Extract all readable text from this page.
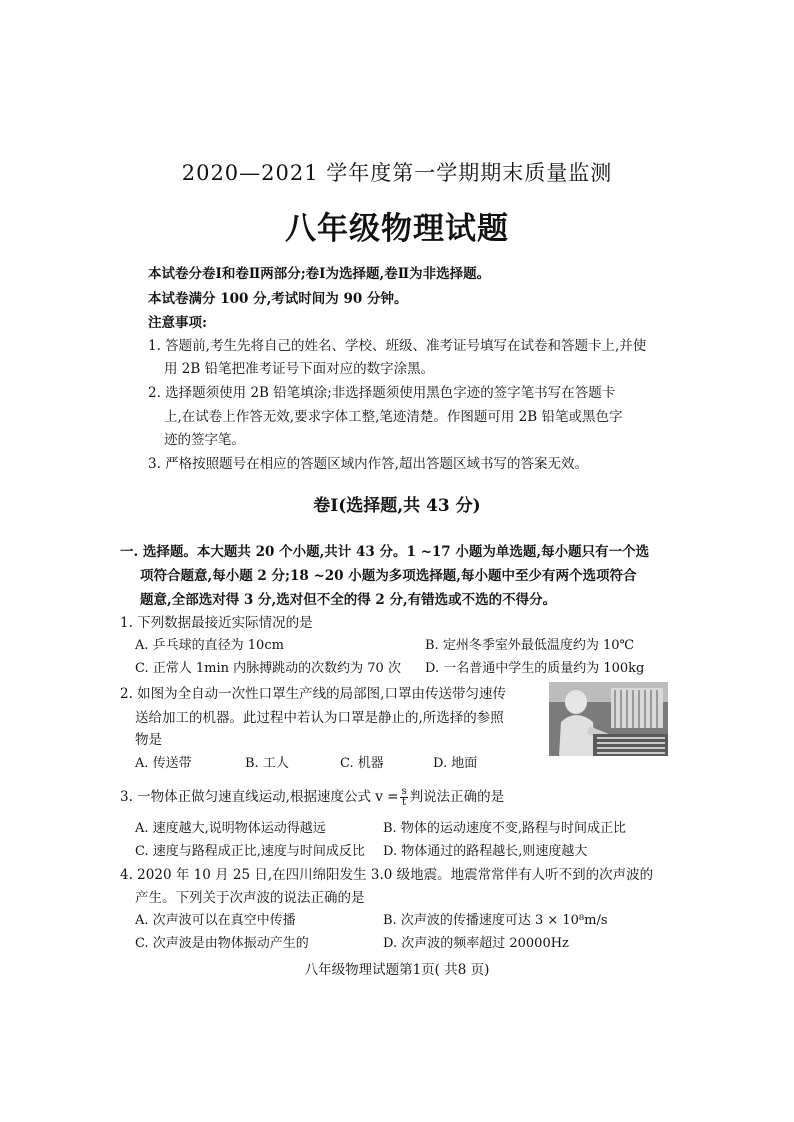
2020—2021 学年度第一学期期末质量监测
八年级物理试题
本试卷分卷Ⅰ和卷Ⅱ两部分;卷Ⅰ为选择题,卷Ⅱ为非选择题。
本试卷满分 100 分,考试时间为 90 分钟。
注意事项:
1. 答题前,考生先将自己的姓名、学校、班级、准考证号填写在试卷和答题卡上,并使
用 2B 铅笔把准考证号下面对应的数字涂黑。
2. 选择题须使用 2B 铅笔填涂;非选择题须使用黑色字迹的签字笔书写在答题卡
上,在试卷上作答无效,要求字体工整,笔迹清楚。作图题可用 2B 铅笔或黑色字
迹的签字笔。
3. 严格按照题号在相应的答题区域内作答,超出答题区域书写的答案无效。
卷Ⅰ(选择题,共 43 分)
一. 选择题。本大题共 20 个小题,共计 43 分。1 ~17 小题为单选题,每小题只有一个选
项符合题意,每小题 2 分;18 ~20 小题为多项选择题,每小题中至少有两个选项符合
题意,全部选对得 3 分,选对但不全的得 2 分,有错选或不选的不得分。
1. 下列数据最接近实际情况的是
A. 乒乓球的直径为 10cm	B. 定州冬季室外最低温度约为 10℃
C. 正常人 1min 内脉搏跳动的次数约为 70 次 D. 一名普通中学生的质量约为 100kg
2. 如图为全自动一次性口罩生产线的局部图,口罩由传送带匀速传
送给加工的机器。此过程中若认为口罩是静止的,所选择的参照
物是
A. 传送带	B. 工人	C. 机器	D. 地面
3. 一物体正做匀速直线运动,根据速度公式 $v = \frac{s}{t}$ 判说法正确的是
A. 速度越大,说明物体运动得越远	B. 物体的运动速度不变,路程与时间成正比
C. 速度与路程成正比,速度与时间成反比 D. 物体通过的路程越长,则速度越大
4. 2020 年 10 月 25 日,在四川绵阳发生 3.0 级地震。地震常常伴有人听不到的次声波的
产生。下列关于次声波的说法正确的是
A. 次声波可以在真空中传播	B. 次声波的传播速度可达 3 × 10⁸m/s
C. 次声波是由物体振动产生的	D. 次声波的频率超过 20000Hz
八年级物理试题第1页( 共8 页)
